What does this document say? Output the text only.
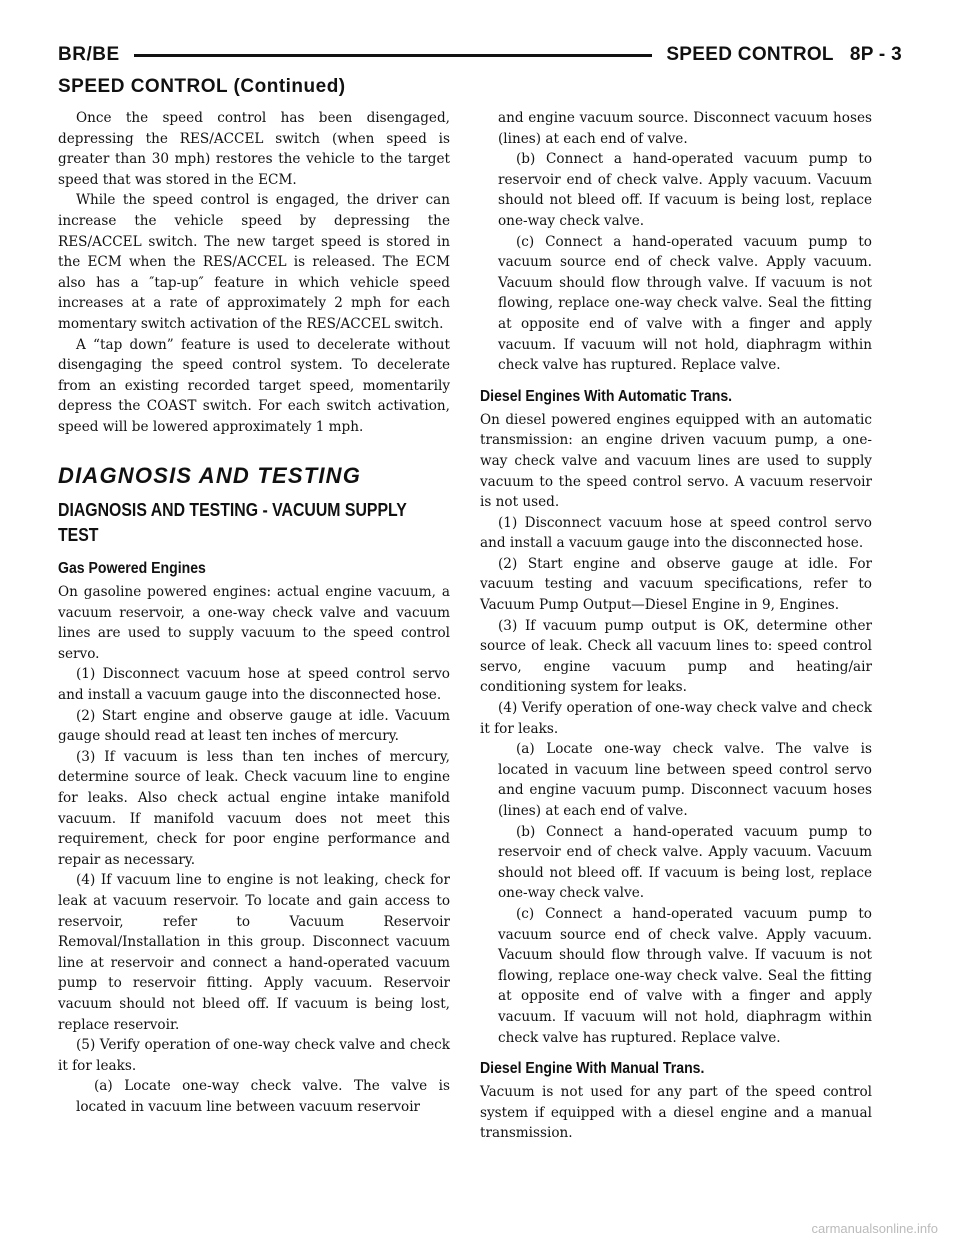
BR/BE	SPEED CONTROL 8P - 3
SPEED CONTROL (Continued)

Once the speed control has been disengaged, depressing the RES/ACCEL switch (when speed is greater than 30 mph) restores the vehicle to the target speed that was stored in the ECM.

While the speed control is engaged, the driver can increase the vehicle speed by depressing the RES/ACCEL switch. The new target speed is stored in the ECM when the RES/ACCEL is released. The ECM also has a ″tap-up″ feature in which vehicle speed increases at a rate of approximately 2 mph for each momentary switch activation of the RES/ACCEL switch.

A “tap down” feature is used to decelerate without disengaging the speed control system. To decelerate from an existing recorded target speed, momentarily depress the COAST switch. For each switch activation, speed will be lowered approximately 1 mph.

DIAGNOSIS AND TESTING
DIAGNOSIS AND TESTING - VACUUM SUPPLY TEST
Gas Powered Engines

On gasoline powered engines: actual engine vacuum, a vacuum reservoir, a one-way check valve and vacuum lines are used to supply vacuum to the speed control servo.

(1) Disconnect vacuum hose at speed control servo and install a vacuum gauge into the disconnected hose.

(2) Start engine and observe gauge at idle. Vacuum gauge should read at least ten inches of mercury.

(3) If vacuum is less than ten inches of mercury, determine source of leak. Check vacuum line to engine for leaks. Also check actual engine intake manifold vacuum. If manifold vacuum does not meet this requirement, check for poor engine performance and repair as necessary.

(4) If vacuum line to engine is not leaking, check for leak at vacuum reservoir. To locate and gain access to reservoir, refer to Vacuum Reservoir Removal/Installation in this group. Disconnect vacuum line at reservoir and connect a hand-operated vacuum pump to reservoir fitting. Apply vacuum. Reservoir vacuum should not bleed off. If vacuum is being lost, replace reservoir.

(5) Verify operation of one-way check valve and check it for leaks.

(a) Locate one-way check valve. The valve is located in vacuum line between vacuum reservoir

and engine vacuum source. Disconnect vacuum hoses (lines) at each end of valve.

(b) Connect a hand-operated vacuum pump to reservoir end of check valve. Apply vacuum. Vacuum should not bleed off. If vacuum is being lost, replace one-way check valve.

(c) Connect a hand-operated vacuum pump to vacuum source end of check valve. Apply vacuum. Vacuum should flow through valve. If vacuum is not flowing, replace one-way check valve. Seal the fitting at opposite end of valve with a finger and apply vacuum. If vacuum will not hold, diaphragm within check valve has ruptured. Replace valve.

Diesel Engines With Automatic Trans.

On diesel powered engines equipped with an automatic transmission: an engine driven vacuum pump, a one-way check valve and vacuum lines are used to supply vacuum to the speed control servo. A vacuum reservoir is not used.

(1) Disconnect vacuum hose at speed control servo and install a vacuum gauge into the disconnected hose.

(2) Start engine and observe gauge at idle. For vacuum testing and vacuum specifications, refer to Vacuum Pump Output—Diesel Engine in 9, Engines.

(3) If vacuum pump output is OK, determine other source of leak. Check all vacuum lines to: speed control servo, engine vacuum pump and heating/air conditioning system for leaks.

(4) Verify operation of one-way check valve and check it for leaks.

(a) Locate one-way check valve. The valve is located in vacuum line between speed control servo and engine vacuum pump. Disconnect vacuum hoses (lines) at each end of valve.

(b) Connect a hand-operated vacuum pump to reservoir end of check valve. Apply vacuum. Vacuum should not bleed off. If vacuum is being lost, replace one-way check valve.

(c) Connect a hand-operated vacuum pump to vacuum source end of check valve. Apply vacuum. Vacuum should flow through valve. If vacuum is not flowing, replace one-way check valve. Seal the fitting at opposite end of valve with a finger and apply vacuum. If vacuum will not hold, diaphragm within check valve has ruptured. Replace valve.

Diesel Engine With Manual Trans.

Vacuum is not used for any part of the speed control system if equipped with a diesel engine and a manual transmission.

carmanualsonline.info
